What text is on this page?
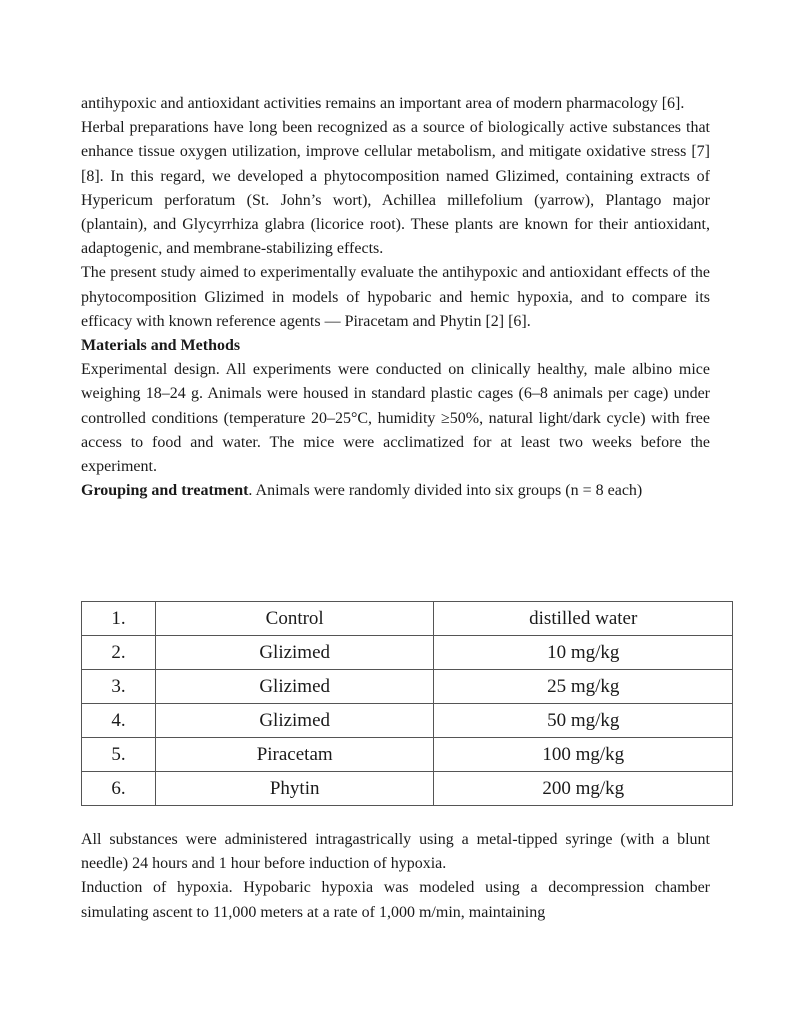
antihypoxic and antioxidant activities remains an important area of modern pharmacology [6].

Herbal preparations have long been recognized as a source of biologically active substances that enhance tissue oxygen utilization, improve cellular metabolism, and mitigate oxidative stress [7] [8]. In this regard, we developed a phytocomposition named Glizimed, containing extracts of Hypericum perforatum (St. John’s wort), Achillea millefolium (yarrow), Plantago major (plantain), and Glycyrrhiza glabra (licorice root). These plants are known for their antioxidant, adaptogenic, and membrane-stabilizing effects.

The present study aimed to experimentally evaluate the antihypoxic and antioxidant effects of the phytocomposition Glizimed in models of hypobaric and hemic hypoxia, and to compare its efficacy with known reference agents — Piracetam and Phytin [2] [6].

Materials and Methods

Experimental design. All experiments were conducted on clinically healthy, male albino mice weighing 18–24 g. Animals were housed in standard plastic cages (6–8 animals per cage) under controlled conditions (temperature 20–25°C, humidity ≥50%, natural light/dark cycle) with free access to food and water. The mice were acclimatized for at least two weeks before the experiment.

Grouping and treatment. Animals were randomly divided into six groups (n = 8 each)

1.	Control	distilled water
2.	Glizimed	10 mg/kg
3.	Glizimed	25 mg/kg
4.	Glizimed	50 mg/kg
5.	Piracetam	100 mg/kg
6.	Phytin	200 mg/kg

All substances were administered intragastrically using a metal-tipped syringe (with a blunt needle) 24 hours and 1 hour before induction of hypoxia.

Induction of hypoxia. Hypobaric hypoxia was modeled using a decompression chamber simulating ascent to 11,000 meters at a rate of 1,000 m/min, maintaining
